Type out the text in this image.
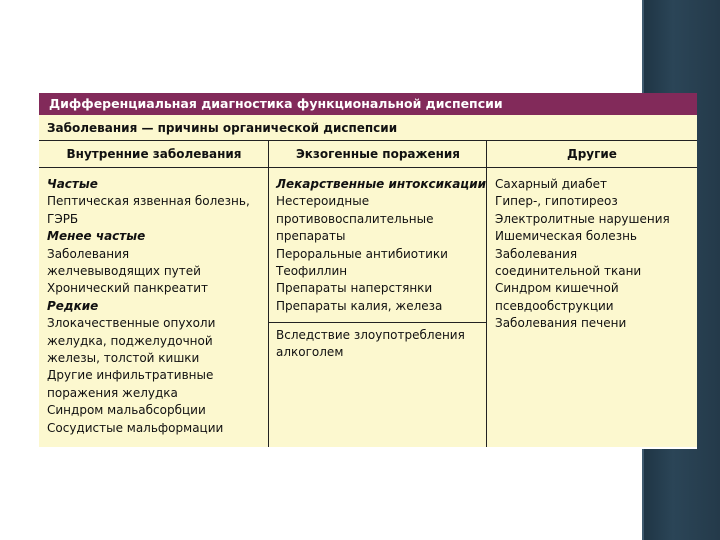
Дифференциальная диагностика функциональной диспепсии
Заболевания — причины органической диспепсии
Внутренние заболевания	Экзогенные поражения	Другие
Частые
Пептическая язвенная болезнь,
ГЭРБ
Менее частые
Заболевания
желчевыводящих путей
Хронический панкреатит
Редкие
Злокачественные опухоли
желудка, поджелудочной
железы, толстой кишки
Другие инфильтративные
поражения желудка
Синдром мальабсорбции
Сосудистые мальформации
Лекарственные интоксикации
Нестероидные
противовоспалительные
препараты
Пероральные антибиотики
Теофиллин
Препараты наперстянки
Препараты калия, железа
Вследствие злоупотребления
алкоголем
Сахарный диабет
Гипер-, гипотиреоз
Электролитные нарушения
Ишемическая болезнь
Заболевания
соединительной ткани
Синдром кишечной
псевдообструкции
Заболевания печени
